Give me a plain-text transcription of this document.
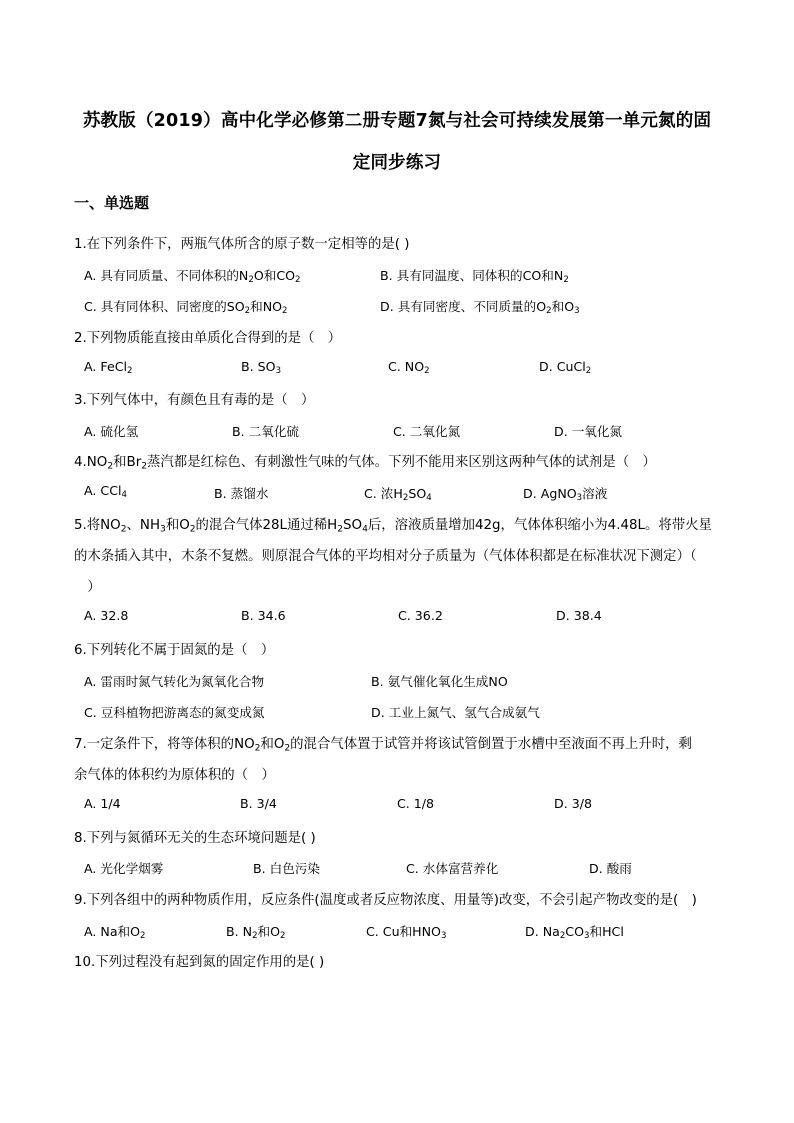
苏教版（2019）高中化学必修第二册专题7氮与社会可持续发展第一单元氮的固
定同步练习
一、单选题
1.在下列条件下，两瓶气体所含的原子数一定相等的是( )
A. 具有同质量、不同体积的$N_2O$和$CO_2$	B. 具有同温度、同体积的CO和$N_2$
C. 具有同体积、同密度的$SO_2$和$NO_2$	D. 具有同密度、不同质量的$O_2$和$O_3$
2.下列物质能直接由单质化合得到的是（　）
A. FeCl$_2$	B. $SO_3$	C. $NO_2$	D. CuCl$_2$
3.下列气体中，有颜色且有毒的是（　）
A. 硫化氢	B. 二氧化硫	C. 二氧化氮	D. 一氧化氮
$4.NO_2$和$Br_2$蒸汽都是红棕色、有刺激性气味的气体。下列不能用来区别这两种气体的试剂是（　）
A. CCl$_4$	B. 蒸馏水	C. 浓$H_2SO_4$	D. AgNO$_3$溶液
5.将$NO_2$、$NH_3$和$O_2$的混合气体28L通过稀$H_2SO_4$后，溶液质量增加42g，气体体积缩小为4.48L。将带火星
的木条插入其中，木条不复燃。则原混合气体的平均相对分子质量为（气体体积都是在标准状况下测定）（
　）
A. 32.8	B. 34.6	C. 36.2	D. 38.4
6.下列转化不属于固氮的是（　）
A. 雷雨时氮气转化为氮氧化合物	B. 氨气催化氧化生成NO
C. 豆科植物把游离态的氮变成氮	D. 工业上氮气、氢气合成氨气
7.一定条件下，将等体积的$NO_2$和$O_2$的混合气体置于试管并将该试管倒置于水槽中至液面不再上升时，剩
余气体的体积约为原体积的（　）
A. 1/4	B. 3/4	C. 1/8	D. 3/8
8.下列与氮循环无关的生态环境问题是( )
A. 光化学烟雾	B. 白色污染	C. 水体富营养化	D. 酸雨
9.下列各组中的两种物质作用，反应条件(温度或者反应物浓度、用量等)改变，不会引起产物改变的是(　)
A. Na和$O_2$	B. $N_2$和$O_2$	C. Cu和$HNO_3$	D. $Na_2CO_3$和HCl
10.下列过程没有起到氮的固定作用的是( )
